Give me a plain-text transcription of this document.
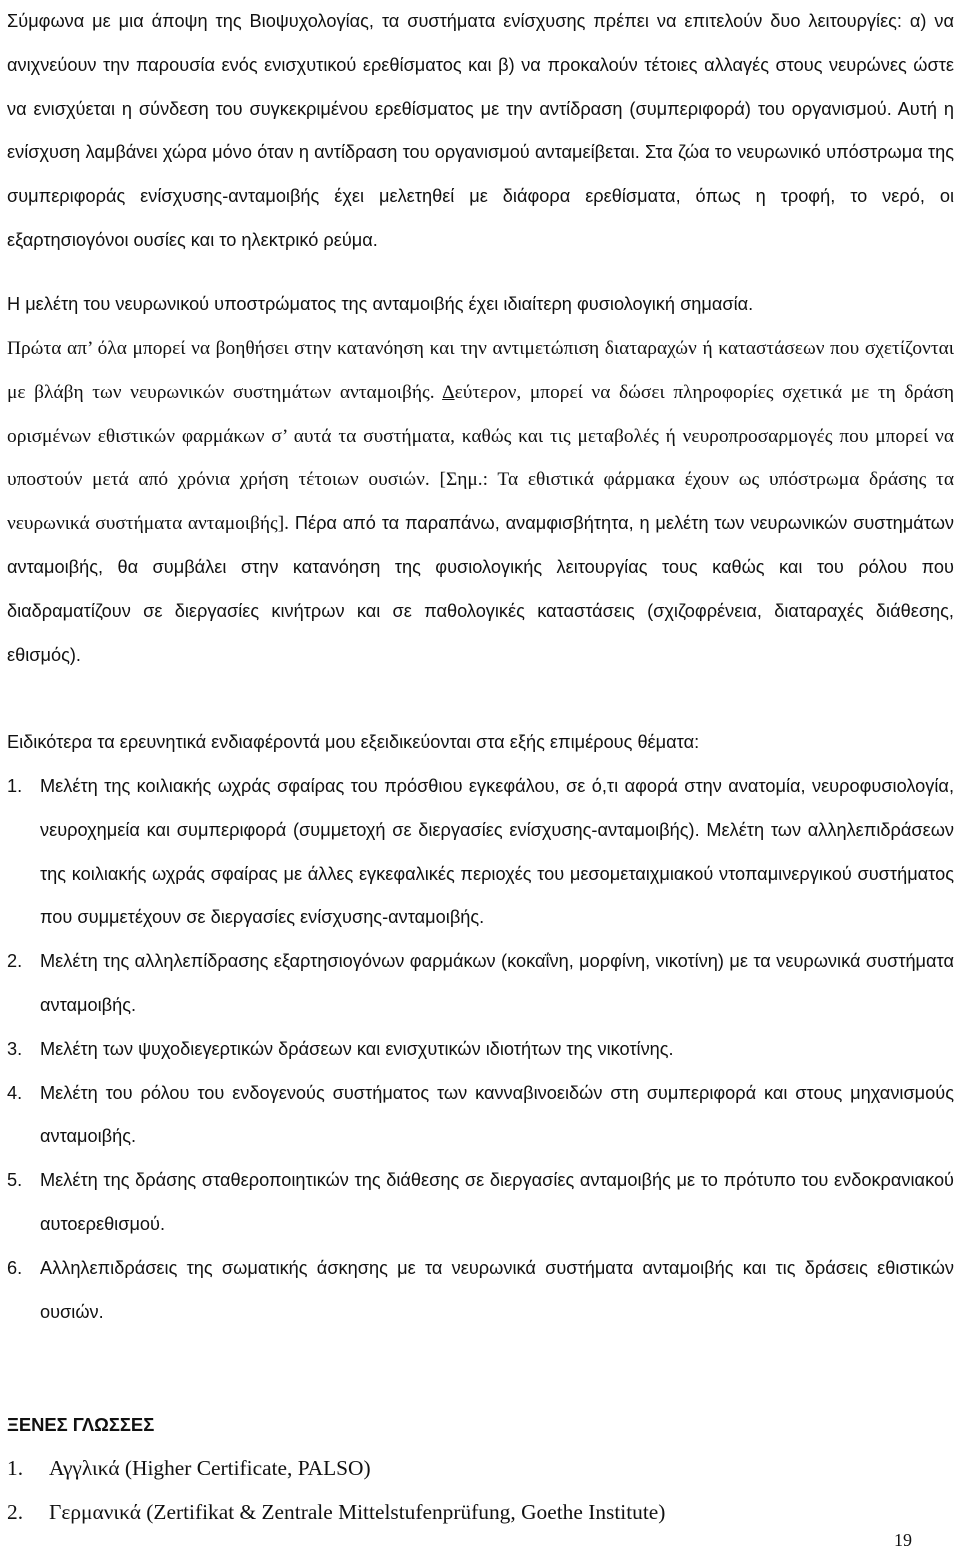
Σύμφωνα με μια άποψη της Βιοψυχολογίας, τα συστήματα ενίσχυσης πρέπει να επιτελούν δυο λειτουργίες: α) να ανιχνεύουν την παρουσία ενός ενισχυτικού ερεθίσματος και β) να προκαλούν τέτοιες αλλαγές στους νευρώνες ώστε να ενισχύεται η σύνδεση του συγκεκριμένου ερεθίσματος με την αντίδραση (συμπεριφορά) του οργανισμού. Αυτή η ενίσχυση λαμβάνει χώρα μόνο όταν η αντίδραση του οργανισμού ανταμείβεται. Στα ζώα το νευρωνικό υπόστρωμα της συμπεριφοράς ενίσχυσης-ανταμοιβής έχει μελετηθεί με διάφορα ερεθίσματα, όπως η τροφή, το νερό, οι εξαρτησιογόνοι ουσίες και το ηλεκτρικό ρεύμα.

Η μελέτη του νευρωνικού υποστρώματος της ανταμοιβής έχει ιδιαίτερη φυσιολογική σημασία.

Πρώτα απ’ όλα μπορεί να βοηθήσει στην κατανόηση και την αντιμετώπιση διαταραχών ή καταστάσεων που σχετίζονται με βλάβη των νευρωνικών συστημάτων ανταμοιβής. Δεύτερον, μπορεί να δώσει πληροφορίες σχετικά με τη δράση ορισμένων εθιστικών φαρμάκων σ’ αυτά τα συστήματα, καθώς και τις μεταβολές ή νευροπροσαρμογές που μπορεί να υποστούν μετά από χρόνια χρήση τέτοιων ουσιών. [Σημ.: Τα εθιστικά φάρμακα έχουν ως υπόστρωμα δράσης τα νευρωνικά συστήματα ανταμοιβής]. Πέρα από τα παραπάνω, αναμφισβήτητα, η μελέτη των νευρωνικών συστημάτων ανταμοιβής, θα συμβάλει στην κατανόηση της φυσιολογικής λειτουργίας τους καθώς και του ρόλου που διαδραματίζουν σε διεργασίες κινήτρων και σε παθολογικές καταστάσεις (σχιζοφρένεια, διαταραχές διάθεσης, εθισμός).

Ειδικότερα τα ερευνητικά ενδιαφέροντά μου εξειδικεύονται στα εξής επιμέρους θέματα:

1. Μελέτη της κοιλιακής ωχράς σφαίρας του πρόσθιου εγκεφάλου, σε ό,τι αφορά στην ανατομία, νευροφυσιολογία, νευροχημεία και συμπεριφορά (συμμετοχή σε διεργασίες ενίσχυσης-ανταμοιβής). Μελέτη των αλληλεπιδράσεων της κοιλιακής ωχράς σφαίρας με άλλες εγκεφαλικές περιοχές του μεσομεταιχμιακού ντοπαμινεργικού συστήματος που συμμετέχουν σε διεργασίες ενίσχυσης-ανταμοιβής.
2. Μελέτη της αλληλεπίδρασης εξαρτησιογόνων φαρμάκων (κοκαΐνη, μορφίνη, νικοτίνη) με τα νευρωνικά συστήματα ανταμοιβής.
3. Μελέτη των ψυχοδιεγερτικών δράσεων και ενισχυτικών ιδιοτήτων της νικοτίνης.
4. Μελέτη του ρόλου του ενδογενούς συστήματος των κανναβινοειδών στη συμπεριφορά και στους μηχανισμούς ανταμοιβής.
5. Μελέτη της δράσης σταθεροποιητικών της διάθεσης σε διεργασίες ανταμοιβής με το πρότυπο του ενδοκρανιακού αυτοερεθισμού.
6. Αλληλεπιδράσεις της σωματικής άσκησης με τα νευρωνικά συστήματα ανταμοιβής και τις δράσεις εθιστικών ουσιών.
ΞΕΝΕΣ ΓΛΩΣΣΕΣ
1. Αγγλικά (Higher Certificate, PALSO)
2. Γερμανικά (Zertifikat & Zentrale Mittelstufenprüfung, Goethe Institute)
19
